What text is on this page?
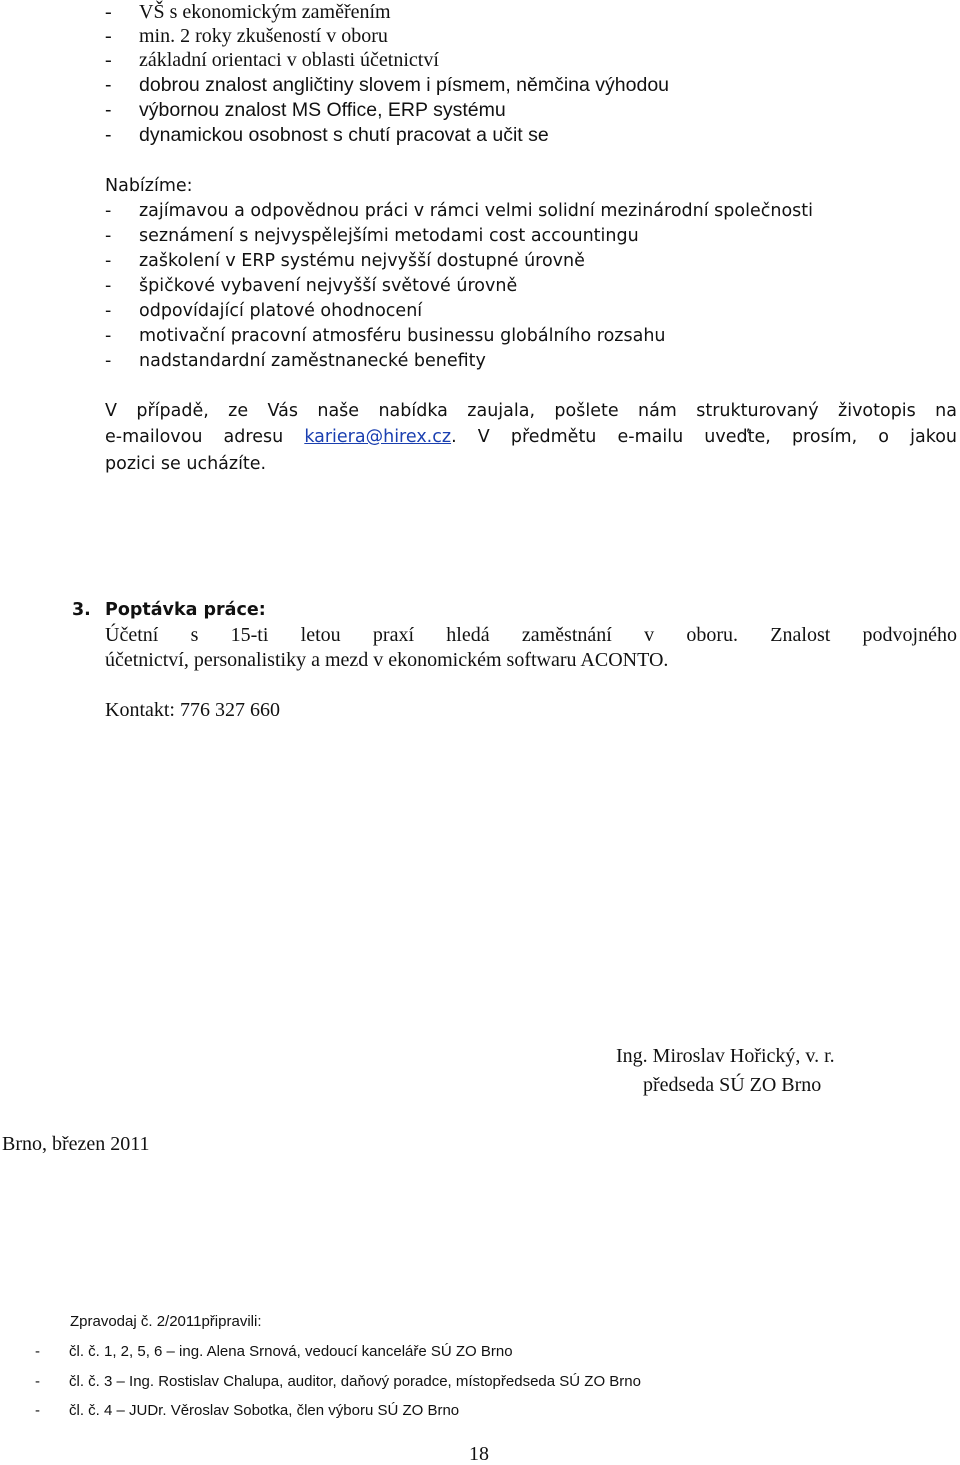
- VŠ s ekonomickým zaměřením
- min. 2 roky zkušeností v oboru
- základní orientaci v oblasti účetnictví
- dobrou znalost angličtiny slovem i písmem, němčina výhodou
- výbornou znalost MS Office, ERP systému
- dynamickou osobnost s chutí pracovat a učit se
Nabízíme:
- zajímavou a odpovědnou práci v rámci velmi solidní mezinárodní společnosti
- seznámení s nejvyspělejšími metodami cost accountingu
- zaškolení v ERP systému nejvyšší dostupné úrovně
- špičkové vybavení nejvyšší světové úrovně
- odpovídající platové ohodnocení
- motivační pracovní atmosféru businessu globálního rozsahu
- nadstandardní zaměstnanecké benefity
V případě, ze Vás naše nabídka zaujala, pošlete nám strukturovaný životopis na
e-mailovou adresu kariera@hirex.cz. V předmětu e-mailu uveďte, prosím, o jakou
pozici se ucházíte.
3. Poptávka práce:
Účetní s 15-ti letou praxí hledá zaměstnání v oboru. Znalost podvojného
účetnictví, personalistiky a mezd v ekonomickém softwaru ACONTO.
Kontakt: 776 327 660
Ing. Miroslav Hořický, v. r.
předseda SÚ ZO Brno
Brno, březen 2011
Zpravodaj č. 2/2011připravili:
- čl. č. 1, 2, 5, 6 – ing. Alena Srnová, vedoucí kanceláře SÚ ZO Brno
- čl. č. 3 – Ing. Rostislav Chalupa, auditor, daňový poradce, místopředseda SÚ ZO Brno
- čl. č. 4 – JUDr. Věroslav Sobotka, člen výboru SÚ ZO Brno
18
